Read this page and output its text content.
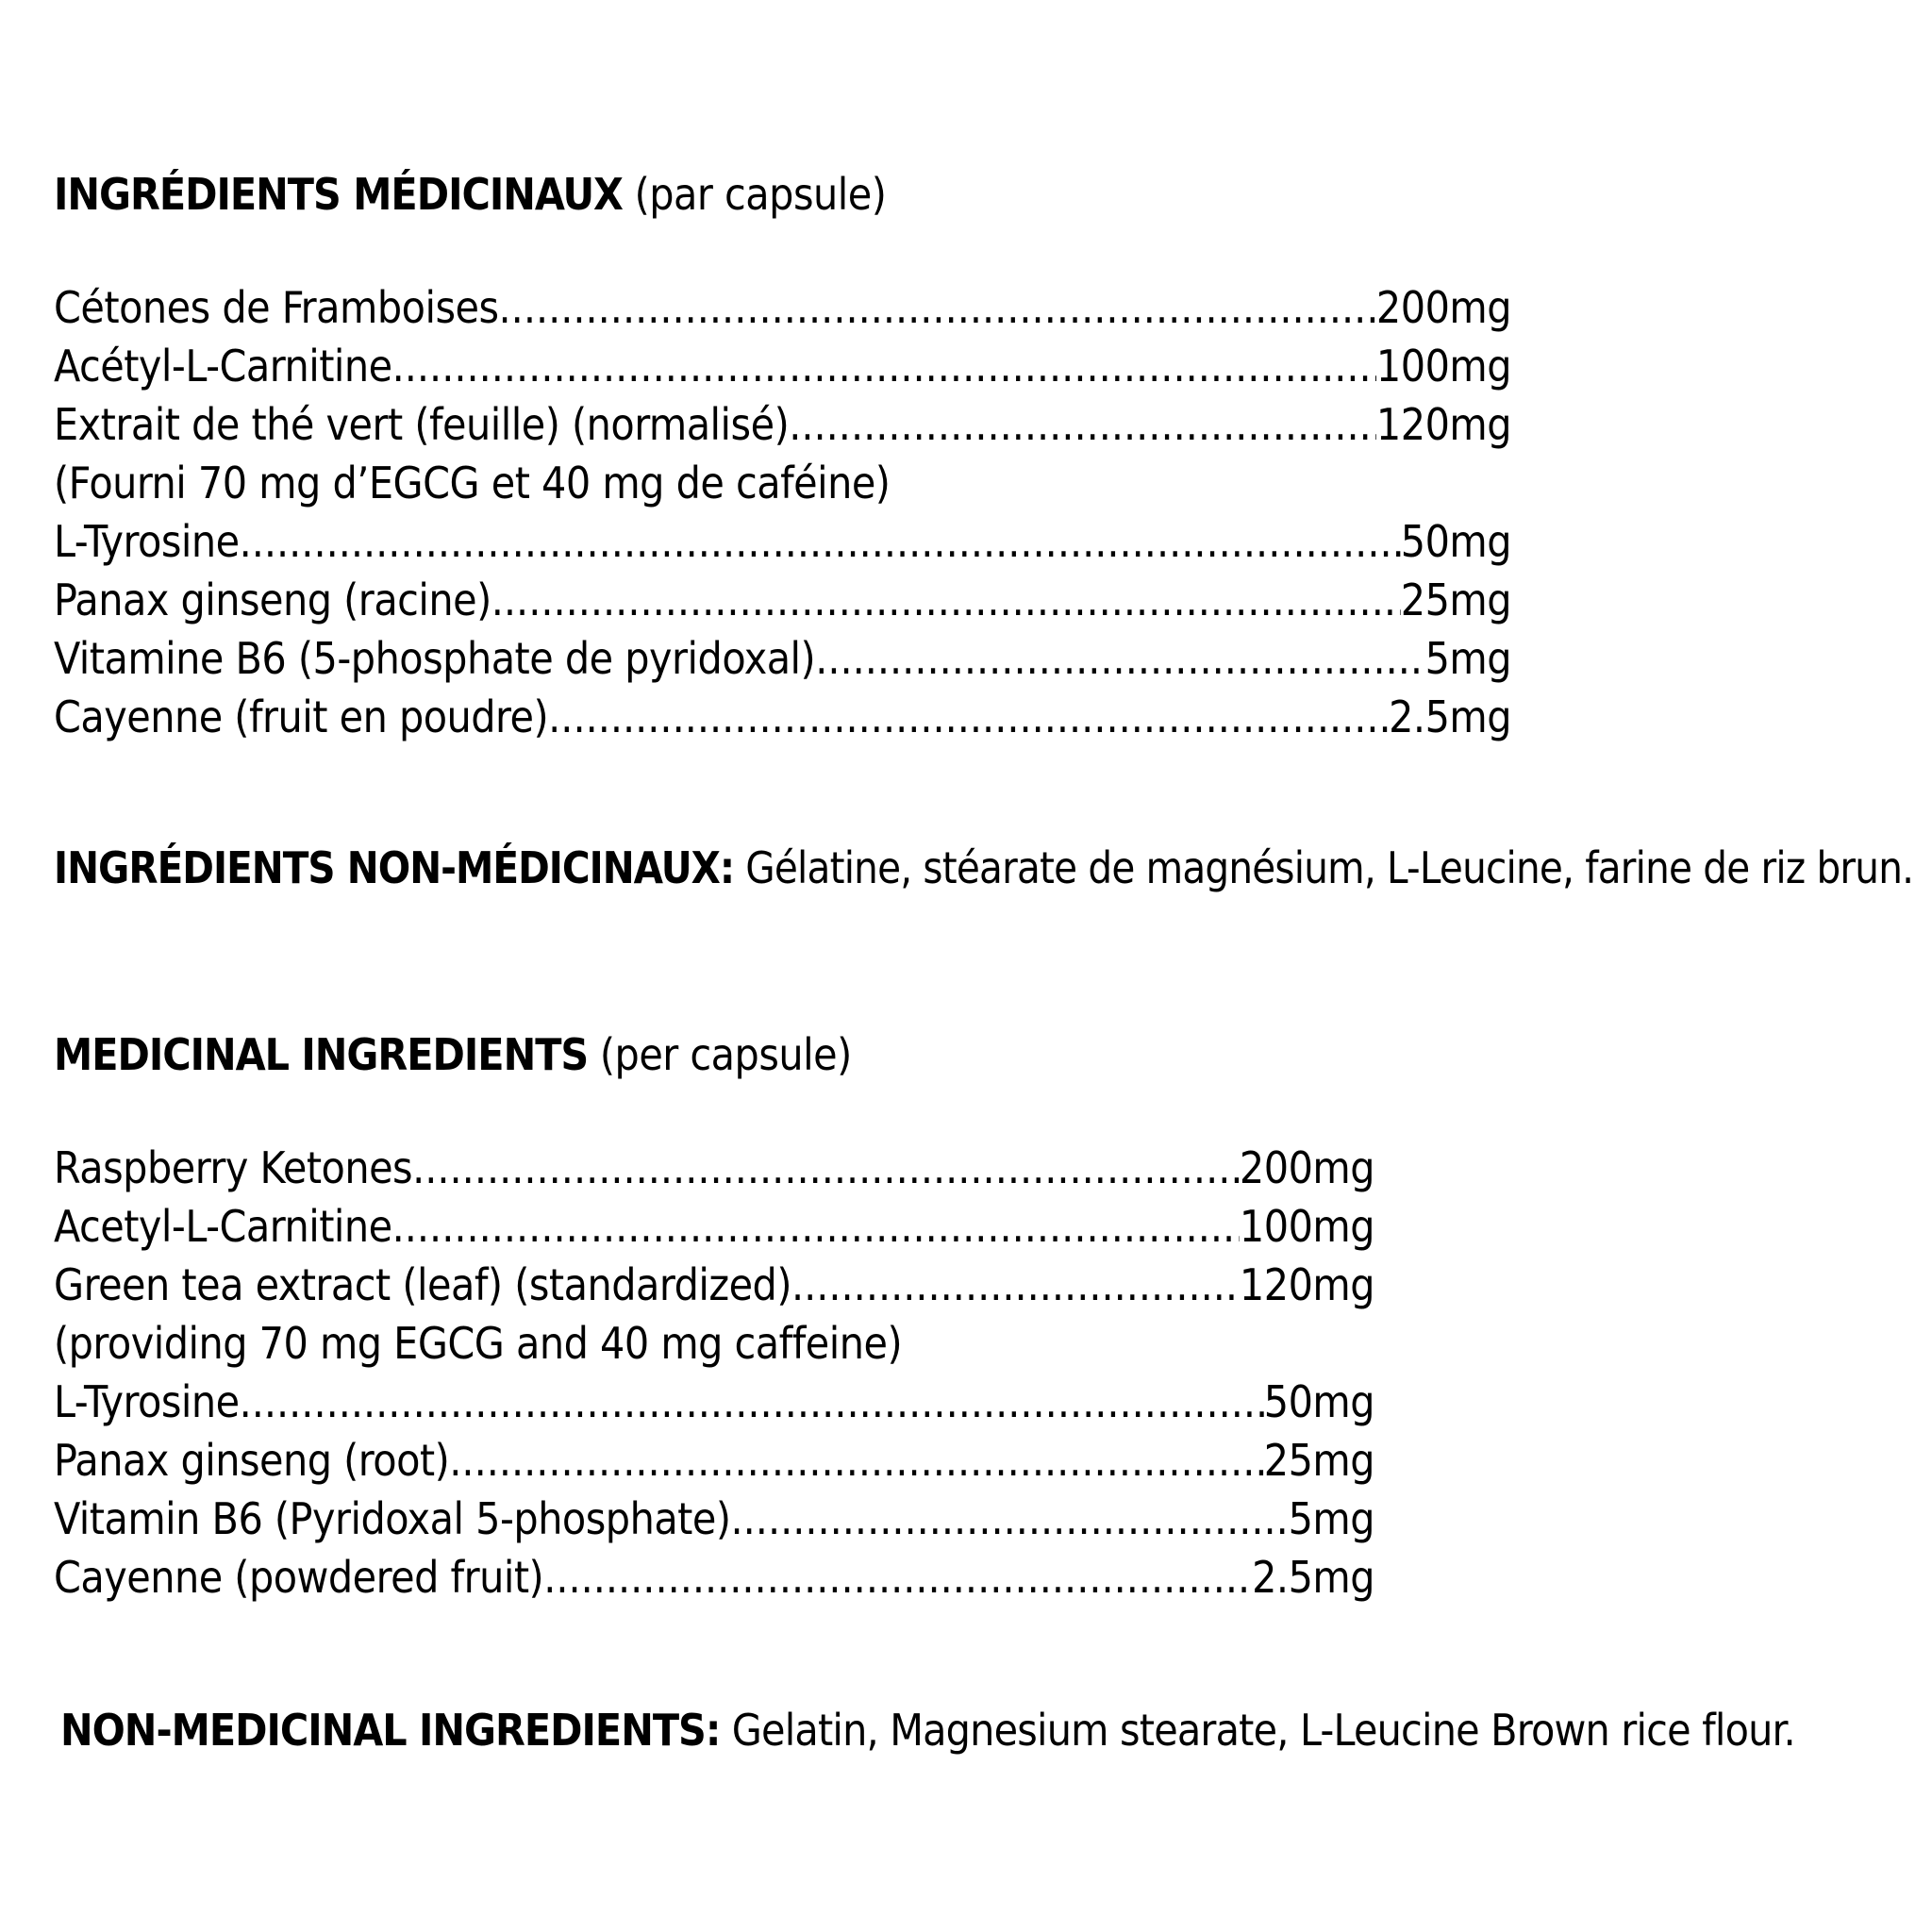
INGRÉDIENTS MÉDICINAUX (par capsule)
Cétones de Framboises .....	200mg
Acétyl-L-Carnitine .....	100mg
Extrait de thé vert (feuille) (normalisé) .....	120mg
(Fourni 70 mg d’EGCG et 40 mg de caféine)
L-Tyrosine .....	50mg
Panax ginseng (racine) .....	25mg
Vitamine B6 (5-phosphate de pyridoxal) .....	5mg
Cayenne (fruit en poudre) .....	2.5mg
INGRÉDIENTS NON-MÉDICINAUX: Gélatine, stéarate de magnésium, L-Leucine, farine de riz brun.
MEDICINAL INGREDIENTS (per capsule)
Raspberry Ketones .....	200mg
Acetyl-L-Carnitine .....	100mg
Green tea extract (leaf) (standardized) .....	120mg
(providing 70 mg EGCG and 40 mg caffeine)
L-Tyrosine .....	50mg
Panax ginseng (root) .....	25mg
Vitamin B6 (Pyridoxal 5-phosphate) .....	5mg
Cayenne (powdered fruit) .....	2.5mg
NON-MEDICINAL INGREDIENTS: Gelatin, Magnesium stearate, L-Leucine Brown rice flour.
